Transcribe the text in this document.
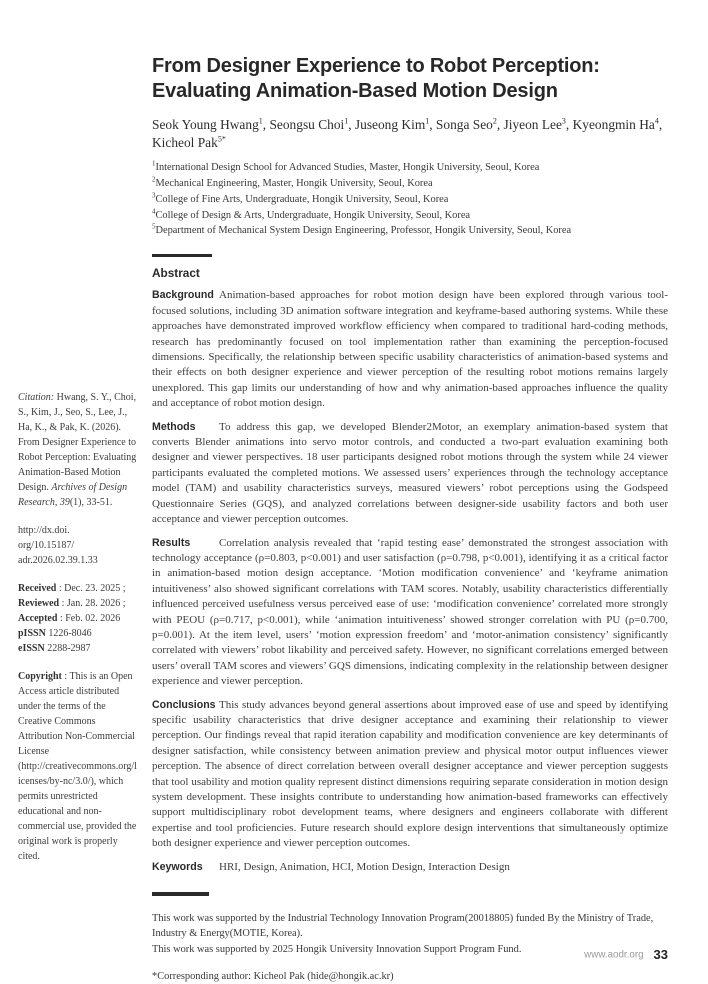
Citation: Hwang, S. Y., Choi, S., Kim, J., Seo, S., Lee, J., Ha, K., & Pak, K. (2026). From Designer Experience to Robot Perception: Evaluating Animation-Based Motion Design. Archives of Design Research, 39(1), 33-51.

http://dx.doi.
org/10.15187/
adr.2026.02.39.1.33
Received : Dec. 23. 2025 ; Reviewed : Jan. 28. 2026 ; Accepted : Feb. 02. 2026
pISSN 1226-8046
eISSN 2288-2987

Copyright : This is an Open Access article distributed under the terms of the Creative Commons Attribution Non-Commercial License (http://creativecommons.org/licenses/by-nc/3.0/), which permits unrestricted educational and non-commercial use, provided the original work is properly cited.

From Designer Experience to Robot Perception:
Evaluating Animation-Based Motion Design
Seok Young Hwang$^1$, Seongsu Choi$^1$, Juseong Kim$^1$, Songa Seo$^2$, Jiyeon Lee$^3$, Kyeongmin Ha$^4$, Kicheol Pak$^{5*}$
$^1$International Design School for Advanced Studies, Master, Hongik University, Seoul, Korea
$^2$Mechanical Engineering, Master, Hongik University, Seoul, Korea
$^3$College of Fine Arts, Undergraduate, Hongik University, Seoul, Korea
$^4$College of Design & Arts, Undergraduate, Hongik University, Seoul, Korea
$^5$Department of Mechanical System Design Engineering, Professor, Hongik University, Seoul, Korea
Abstract

Background Animation-based approaches for robot motion design have been explored through various tool-focused solutions, including 3D animation software integration and keyframe-based authoring systems. While these approaches have demonstrated improved workflow efficiency when compared to traditional hard-coding methods, research has predominantly focused on tool implementation rather than examining the perception-focused dimensions. Specifically, the relationship between specific usability characteristics of animation-based systems and their effects on both designer experience and viewer perception of the resulting robot motions remains largely unexplored. This gap limits our understanding of how and why animation-based approaches influence the quality and acceptance of robot motion design.

Methods To address this gap, we developed Blender2Motor, an exemplary animation-based system that converts Blender animations into servo motor controls, and conducted a two-part evaluation examining both designer and viewer perspectives. 18 user participants designed robot motions through the system while 24 viewer participants evaluated the completed motions. We assessed users’ experiences through the technology acceptance model (TAM) and usability characteristics surveys, measured viewers’ robot perceptions using the Godspeed Questionnaire Series (GQS), and analyzed correlations between designer-side usability factors and both user acceptance and viewer perception outcomes.

Results	Correlation analysis revealed that ‘rapid testing ease’ demonstrated the strongest association with technology acceptance (ρ=0.803, p<0.001) and user satisfaction (ρ=0.798, p<0.001), identifying it as a critical factor in animation-based motion design acceptance. ‘Motion modification convenience’ and ‘keyframe animation intuitiveness’ also showed significant correlations with TAM scores. Notably, usability characteristics differentially influenced perceived usefulness versus perceived ease of use: ‘modification convenience’ correlated more strongly with PEOU (ρ=0.717, p<0.001), while ‘animation intuitiveness’ showed stronger correlation with PU (ρ=0.700, p=0.001). At the item level, users’ ‘motion expression freedom’ and ‘motor-animation consistency’ significantly correlated with viewers’ robot likability and perceived safety. However, no significant correlations emerged between users’ overall TAM scores and viewers’ GQS dimensions, indicating complexity in the relationship between designer experience and viewer perception.

Conclusions This study advances beyond general assertions about improved ease of use and speed by identifying specific usability characteristics that drive designer acceptance and examining their relationship to viewer perception. Our findings reveal that rapid iteration capability and modification convenience are key determinants of designer satisfaction, while consistency between animation preview and physical motor output influences viewer perception. The absence of direct correlation between overall designer acceptance and viewer perception suggests that tool usability and motion quality represent distinct dimensions requiring separate consideration in motion design system development. These insights contribute to understanding how animation-based frameworks can effectively support multidisciplinary robot development teams, where designers and engineers collaborate with different expertise and tool proficiencies. Future research should explore design interventions that simultaneously optimize both designer experience and viewer perception outcomes.

Keywords HRI, Design, Animation, HCI, Motion Design, Interaction Design

This work was supported by the Industrial Technology Innovation Program(20018805) funded By the Ministry of Trade, Industry & Energy(MOTIE, Korea).
This work was supported by 2025 Hongik University Innovation Support Program Fund.
*Corresponding author: Kicheol Pak (hide@hongik.ac.kr)
www.aodr.org 33
